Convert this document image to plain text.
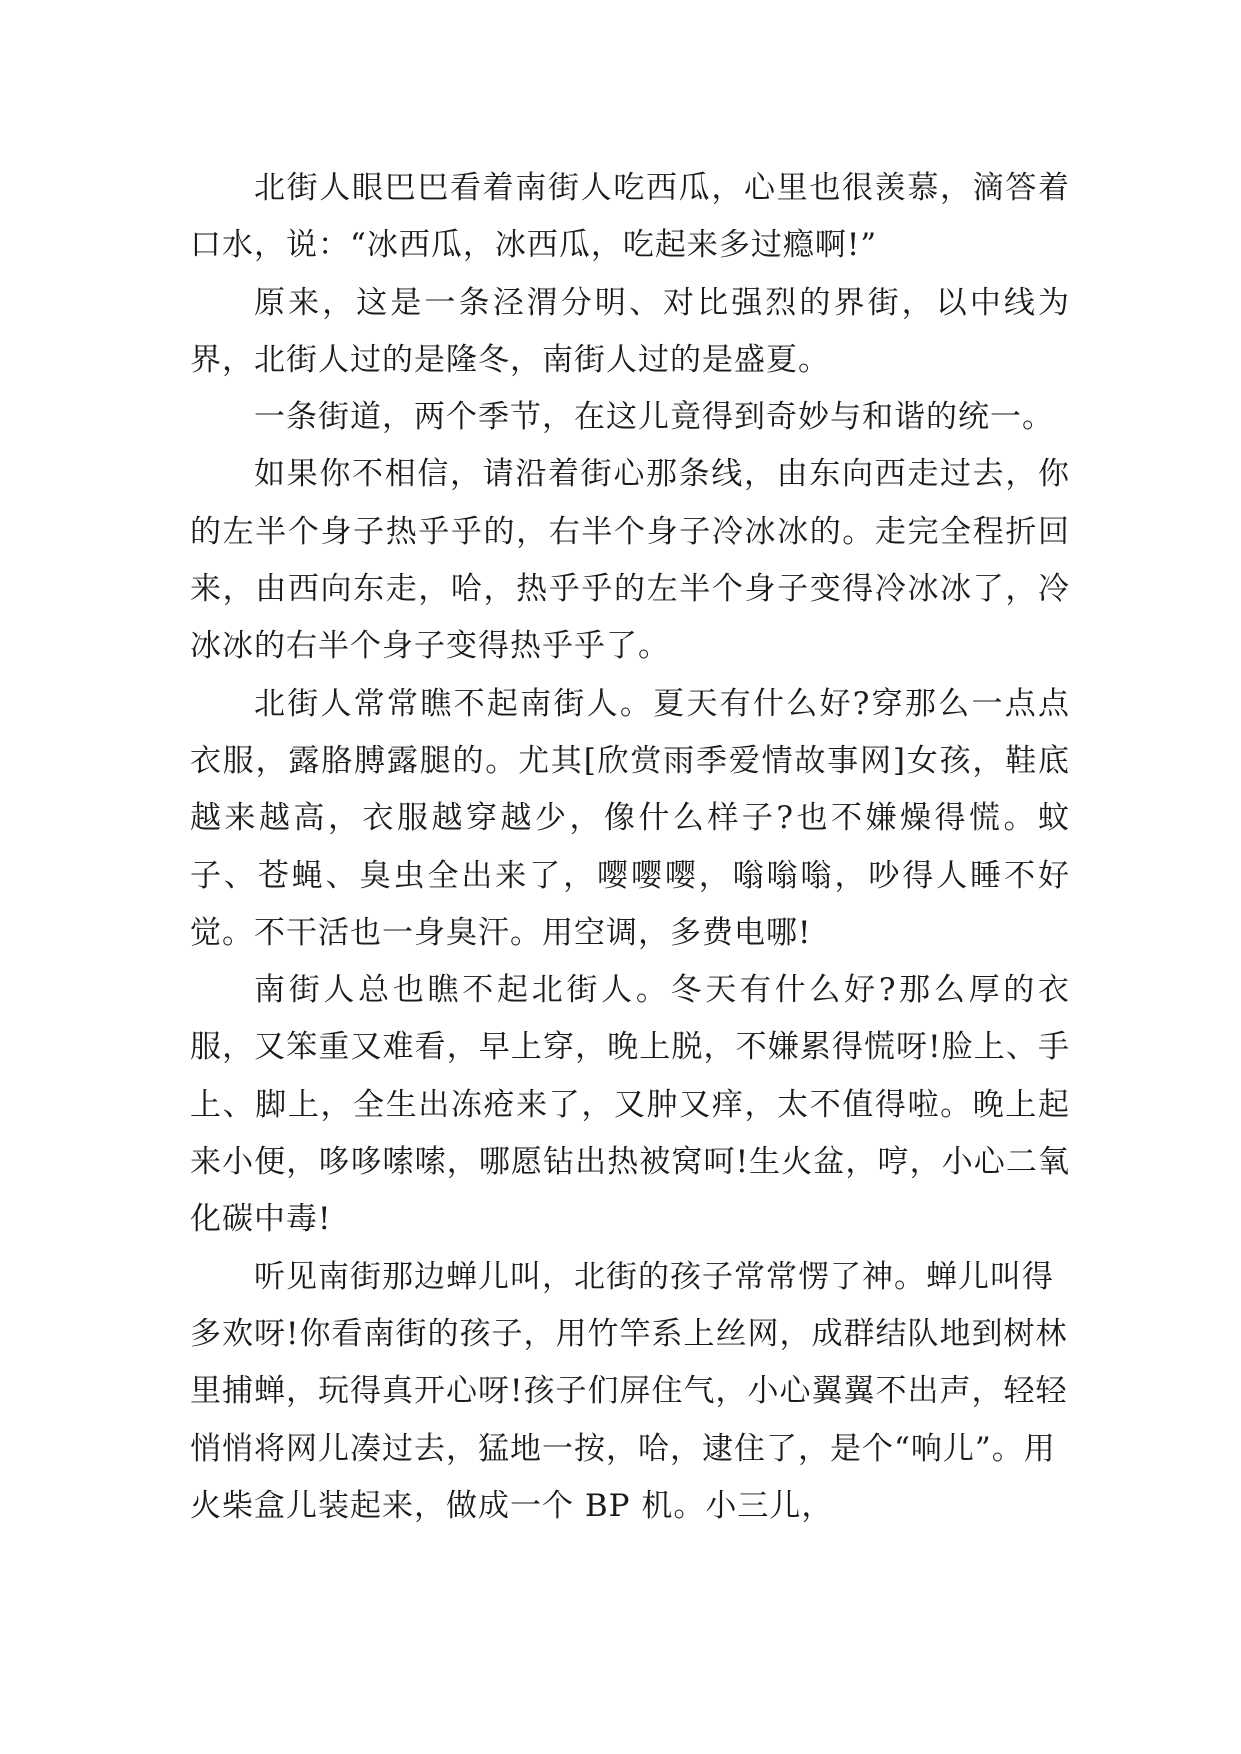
北街人眼巴巴看着南街人吃西瓜，心里也很羡慕，滴答着口水，说：“冰西瓜，冰西瓜，吃起来多过瘾啊!”

原来，这是一条泾渭分明、对比强烈的界街，以中线为界，北街人过的是隆冬，南街人过的是盛夏。

一条街道，两个季节，在这儿竟得到奇妙与和谐的统一。

如果你不相信，请沿着街心那条线，由东向西走过去，你的左半个身子热乎乎的，右半个身子冷冰冰的。走完全程折回来，由西向东走，哈，热乎乎的左半个身子变得冷冰冰了，冷冰冰的右半个身子变得热乎乎了。

北街人常常瞧不起南街人。夏天有什么好?穿那么一点点衣服，露胳膊露腿的。尤其[欣赏雨季爱情故事网]女孩，鞋底越来越高，衣服越穿越少，像什么样子?也不嫌燥得慌。蚊子、苍蝇、臭虫全出来了，嘤嘤嘤，嗡嗡嗡，吵得人睡不好觉。不干活也一身臭汗。用空调，多费电哪!

南街人总也瞧不起北街人。冬天有什么好?那么厚的衣服，又笨重又难看，早上穿，晚上脱，不嫌累得慌呀!脸上、手上、脚上，全生出冻疮来了，又肿又痒，太不值得啦。晚上起来小便，哆哆嗦嗦，哪愿钻出热被窝呵!生火盆，哼，小心二氧化碳中毒!

听见南街那边蝉儿叫，北街的孩子常常愣了神。蝉儿叫得多欢呀!你看南街的孩子，用竹竿系上丝网，成群结队地到树林里捕蝉，玩得真开心呀!孩子们屏住气，小心翼翼不出声，轻轻悄悄将网儿凑过去，猛地一按，哈，逮住了，是个“响儿”。用火柴盒儿装起来，做成一个 BP 机。小三儿，
